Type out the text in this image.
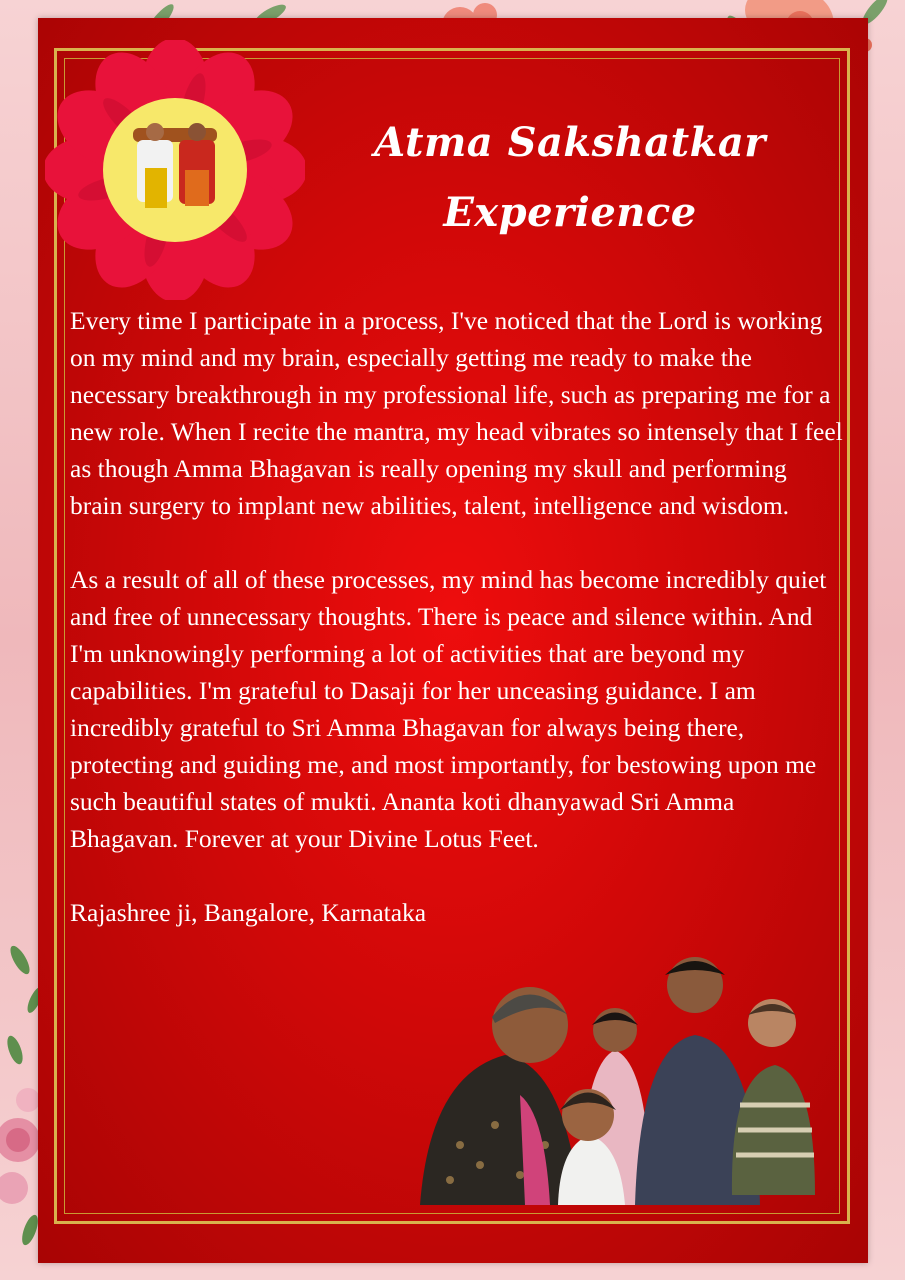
Atma Sakshatkar
Experience

Every time I participate in a process, I've noticed that the Lord is working on my mind and my brain, especially getting me ready to make the necessary breakthrough in my professional life, such as preparing me for a new role. When I recite the mantra, my head vibrates so intensely that I feel as though Amma Bhagavan is really opening my skull and performing brain surgery to implant new abilities, talent, intelligence and wisdom.

As a result of all of these processes, my mind has become incredibly quiet and free of unnecessary thoughts. There is peace and silence within. And I'm unknowingly performing a lot of activities that are beyond my capabilities. I'm grateful to Dasaji for her unceasing guidance. I am incredibly grateful to Sri Amma Bhagavan for always being there, protecting and guiding me, and most importantly, for bestowing upon me such beautiful states of mukti. Ananta koti dhanyawad Sri Amma Bhagavan. Forever at your Divine Lotus Feet.

Rajashree ji, Bangalore, Karnataka
